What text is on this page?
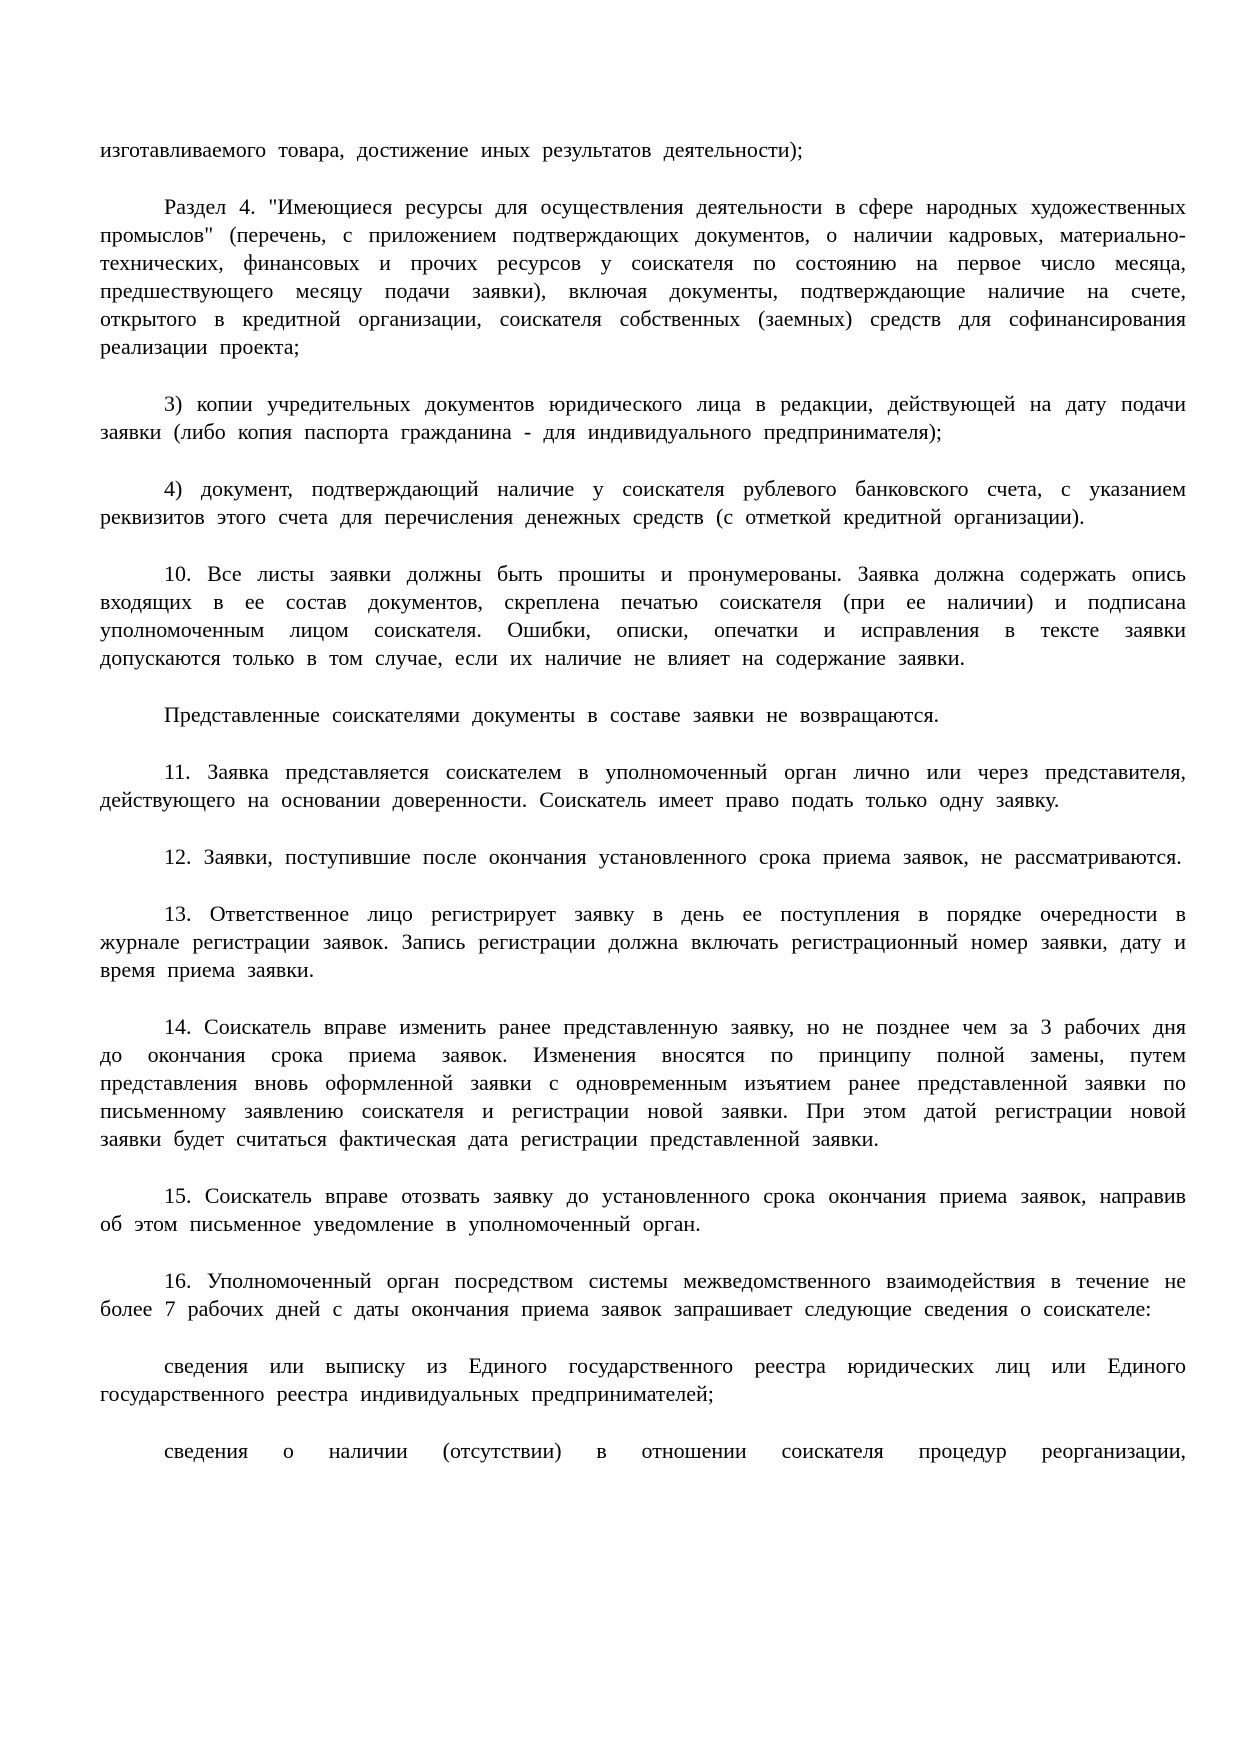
изготавливаемого товара, достижение иных результатов деятельности);

Раздел 4. "Имеющиеся ресурсы для осуществления деятельности в сфере народных художественных промыслов" (перечень, с приложением подтверждающих документов, о наличии кадровых, материально-технических, финансовых и прочих ресурсов у соискателя по состоянию на первое число месяца, предшествующего месяцу подачи заявки), включая документы, подтверждающие наличие на счете, открытого в кредитной организации, соискателя собственных (заемных) средств для софинансирования реализации проекта;

3) копии учредительных документов юридического лица в редакции, действующей на дату подачи заявки (либо копия паспорта гражданина - для индивидуального предпринимателя);

4) документ, подтверждающий наличие у соискателя рублевого банковского счета, с указанием реквизитов этого счета для перечисления денежных средств (с отметкой кредитной организации).

10. Все листы заявки должны быть прошиты и пронумерованы. Заявка должна содержать опись входящих в ее состав документов, скреплена печатью соискателя (при ее наличии) и подписана уполномоченным лицом соискателя. Ошибки, описки, опечатки и исправления в тексте заявки допускаются только в том случае, если их наличие не влияет на содержание заявки.

Представленные соискателями документы в составе заявки не возвращаются.

11. Заявка представляется соискателем в уполномоченный орган лично или через представителя, действующего на основании доверенности. Соискатель имеет право подать только одну заявку.

12. Заявки, поступившие после окончания установленного срока приема заявок, не рассматриваются.

13. Ответственное лицо регистрирует заявку в день ее поступления в порядке очередности в журнале регистрации заявок. Запись регистрации должна включать регистрационный номер заявки, дату и время приема заявки.

14. Соискатель вправе изменить ранее представленную заявку, но не позднее чем за 3 рабочих дня до окончания срока приема заявок. Изменения вносятся по принципу полной замены, путем представления вновь оформленной заявки с одновременным изъятием ранее представленной заявки по письменному заявлению соискателя и регистрации новой заявки. При этом датой регистрации новой заявки будет считаться фактическая дата регистрации представленной заявки.

15. Соискатель вправе отозвать заявку до установленного срока окончания приема заявок, направив об этом письменное уведомление в уполномоченный орган.

16. Уполномоченный орган посредством системы межведомственного взаимодействия в течение не более 7 рабочих дней с даты окончания приема заявок запрашивает следующие сведения о соискателе:

сведения или выписку из Единого государственного реестра юридических лиц или Единого государственного реестра индивидуальных предпринимателей;

сведения о наличии (отсутствии) в отношении соискателя процедур реорганизации,
